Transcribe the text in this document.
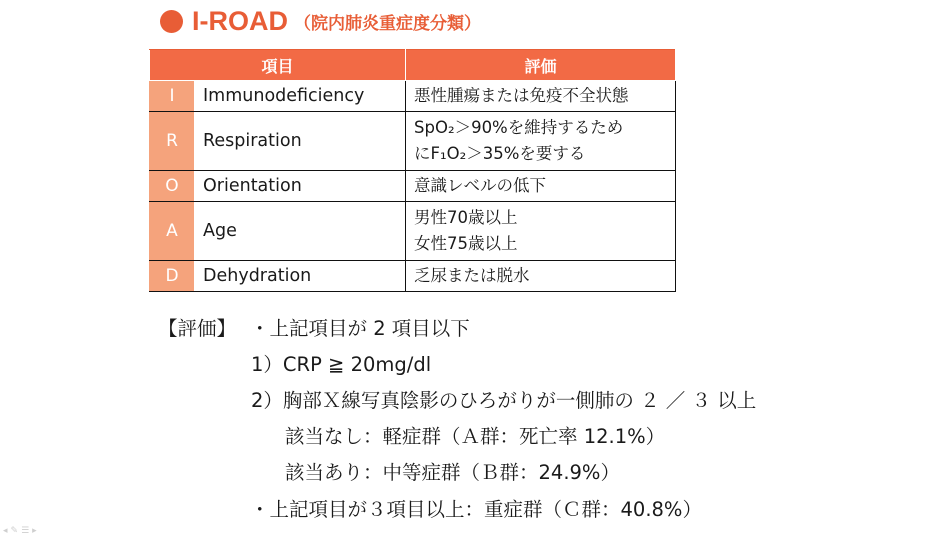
I-ROAD （院内肺炎重症度分類）
項目		評価
I	Immunodeficiency	悪性腫瘍または免疫不全状態
R	Respiration	SpO₂＞90%を維持するため
にF₁O₂＞35%を要する

O	Orientation	意識レベルの低下
A	Age	男性70歳以上
女性75歳以上

D	Dehydration	乏尿または脱水
【評価】 ・上記項目が 2 項目以下
1）CRP ≧ 20mg/dl
2）胸部Ｘ線写真陰影のひろがりが一側肺の ２ ／ ３ 以上
該当なし：軽症群（Ａ群：死亡率 12.1%）
該当あり：中等症群（Ｂ群：24.9%）
・上記項目が３項目以上：重症群（Ｃ群：40.8%）
◂✎☰▸
